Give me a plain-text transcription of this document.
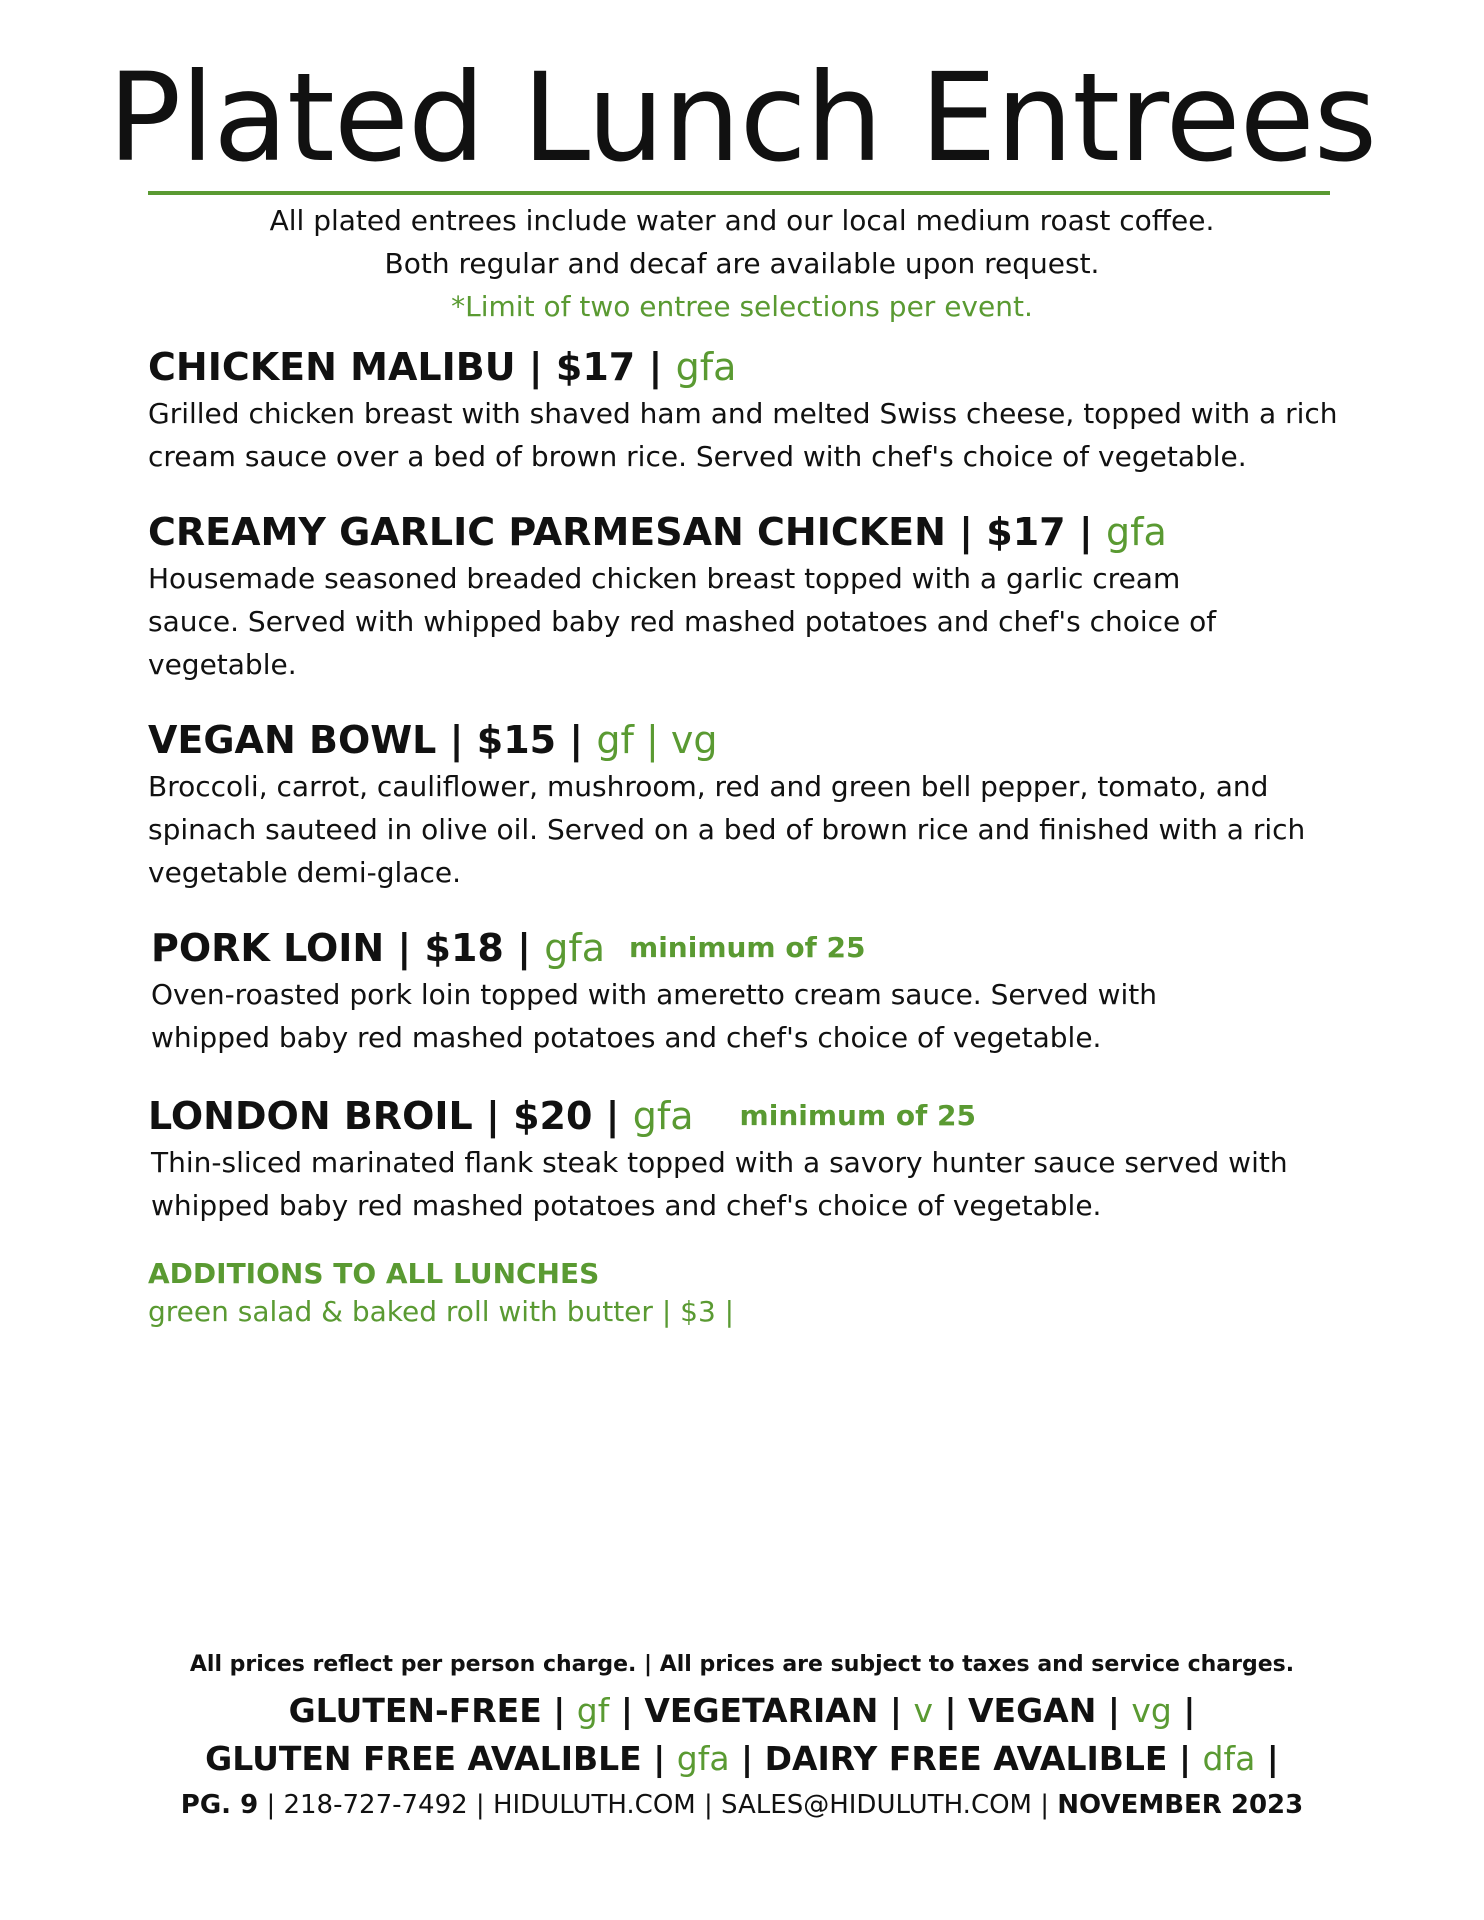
Plated Lunch Entrees
All plated entrees include water and our local medium roast coffee.
Both regular and decaf are available upon request.
*Limit of two entree selections per event.
CHICKEN MALIBU | $17 | gfa
Grilled chicken breast with shaved ham and melted Swiss cheese, topped with a rich cream sauce over a bed of brown rice. Served with chef's choice of vegetable.
CREAMY GARLIC PARMESAN CHICKEN | $17 | gfa
Housemade seasoned breaded chicken breast topped with a garlic cream sauce. Served with whipped baby red mashed potatoes and chef's choice of vegetable.
VEGAN BOWL | $15 | gf | vg
Broccoli, carrot, cauliflower, mushroom, red and green bell pepper, tomato, and spinach sauteed in olive oil. Served on a bed of brown rice and finished with a rich vegetable demi-glace.
PORK LOIN | $18 | gfa minimum of 25
Oven-roasted pork loin topped with ameretto cream sauce. Served with whipped baby red mashed potatoes and chef's choice of vegetable.
LONDON BROIL | $20 | gfa minimum of 25
Thin-sliced marinated flank steak topped with a savory hunter sauce served with whipped baby red mashed potatoes and chef's choice of vegetable.
ADDITIONS TO ALL LUNCHES
green salad & baked roll with butter | $3 |
All prices reflect per person charge. | All prices are subject to taxes and service charges.
GLUTEN-FREE | gf | VEGETARIAN | v | VEGAN | vg |
GLUTEN FREE AVALIBLE | gfa | DAIRY FREE AVALIBLE | dfa |
PG. 9 | 218-727-7492 | HIDULUTH.COM | SALES@HIDULUTH.COM | NOVEMBER 2023
